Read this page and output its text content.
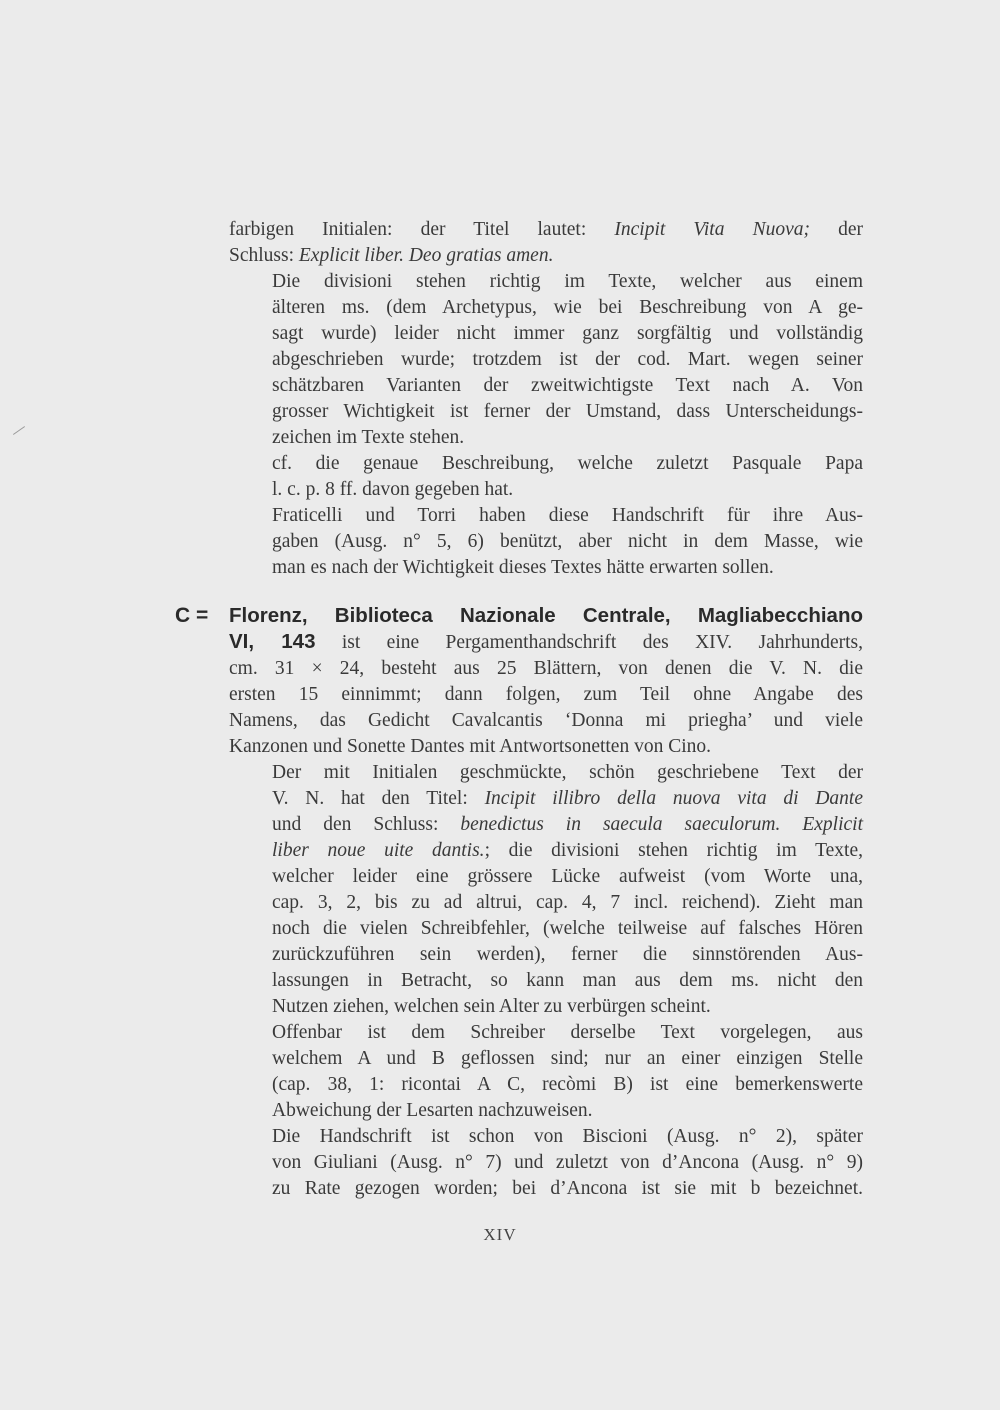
farbigen Initialen: der Titel lautet: Incipit Vita Nuova; der
Schluss: Explicit liber. Deo gratias amen.

Die divisioni stehen richtig im Texte, welcher aus einem
älteren ms. (dem Archetypus, wie bei Beschreibung von A ge-
sagt wurde) leider nicht immer ganz sorgfältig und vollständig
abgeschrieben wurde; trotzdem ist der cod. Mart. wegen seiner
schätzbaren Varianten der zweitwichtigste Text nach A. Von
grosser Wichtigkeit ist ferner der Umstand, dass Unterscheidungs-
zeichen im Texte stehen.

cf. die genaue Beschreibung, welche zuletzt Pasquale Papa
l. c. p. 8 ff. davon gegeben hat.

Fraticelli und Torri haben diese Handschrift für ihre Aus-
gaben (Ausg. n° 5, 6) benützt, aber nicht in dem Masse, wie
man es nach der Wichtigkeit dieses Textes hätte erwarten sollen.

C = Florenz, Biblioteca Nazionale Centrale, Magliabecchiano
VI, 143 ist eine Pergamenthandschrift des XIV. Jahrhunderts,
cm. 31 × 24, besteht aus 25 Blättern, von denen die V. N. die
ersten 15 einnimmt; dann folgen, zum Teil ohne Angabe des
Namens, das Gedicht Cavalcantis ‘Donna mi priegha’ und viele
Kanzonen und Sonette Dantes mit Antwortsonetten von Cino.

Der mit Initialen geschmückte, schön geschriebene Text der
V. N. hat den Titel: Incipit illibro della nuova vita di Dante
und den Schluss: benedictus in saecula saeculorum. Explicit
liber noue uite dantis.; die divisioni stehen richtig im Texte,
welcher leider eine grössere Lücke aufweist (vom Worte una,
cap. 3, 2, bis zu ad altrui, cap. 4, 7 incl. reichend). Zieht man
noch die vielen Schreibfehler, (welche teilweise auf falsches Hören
zurückzuführen sein werden), ferner die sinnstörenden Aus-
lassungen in Betracht, so kann man aus dem ms. nicht den
Nutzen ziehen, welchen sein Alter zu verbürgen scheint.

Offenbar ist dem Schreiber derselbe Text vorgelegen, aus
welchem A und B geflossen sind; nur an einer einzigen Stelle
(cap. 38, 1: ricontai A C, recòmi B) ist eine bemerkenswerte
Abweichung der Lesarten nachzuweisen.

Die Handschrift ist schon von Biscioni (Ausg. n° 2), später
von Giuliani (Ausg. n° 7) und zuletzt von d’Ancona (Ausg. n° 9)
zu Rate gezogen worden; bei d’Ancona ist sie mit b bezeichnet.

XIV
